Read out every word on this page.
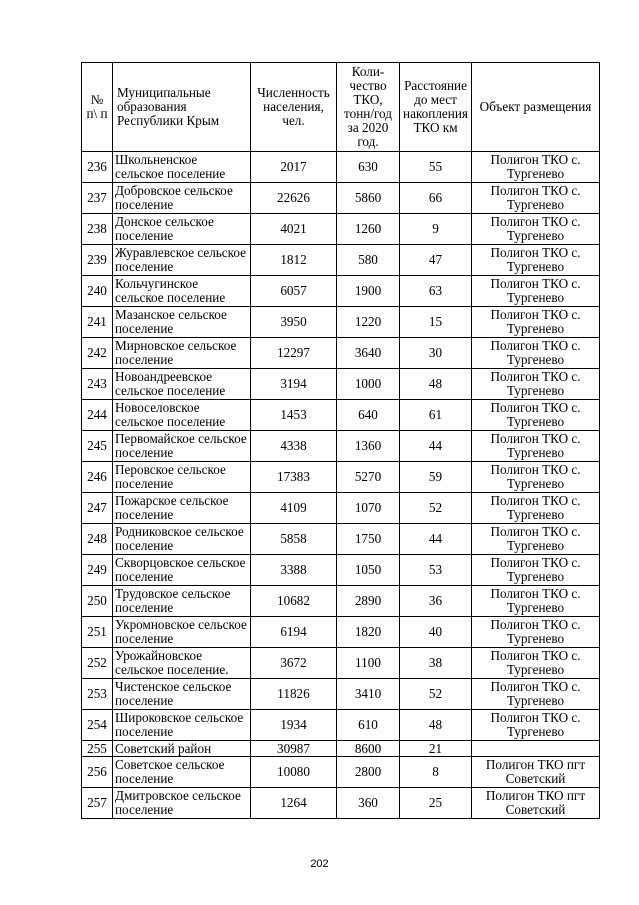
№ п\ п	Муниципальные образования Республики Крым	Численность населения, чел.	Коли-чество ТКО, тонн/год за 2020 год.	Расстояние до мест накопления ТКО км	Объект размещения
236	Школьненское сельское поселение	2017	630	55	Полигон ТКО с. Тургенево
237	Добровское сельское поселение	22626	5860	66	Полигон ТКО с. Тургенево
238	Донское сельское поселение	4021	1260	9	Полигон ТКО с. Тургенево
239	Журавлевское сельское поселение	1812	580	47	Полигон ТКО с. Тургенево
240	Кольчугинское сельское поселение	6057	1900	63	Полигон ТКО с. Тургенево
241	Мазанское сельское поселение	3950	1220	15	Полигон ТКО с. Тургенево
242	Мирновское сельское поселение	12297	3640	30	Полигон ТКО с. Тургенево
243	Новоандреевское сельское поселение	3194	1000	48	Полигон ТКО с. Тургенево
244	Новоселовское сельское поселение	1453	640	61	Полигон ТКО с. Тургенево
245	Первомайское сельское поселение	4338	1360	44	Полигон ТКО с. Тургенево
246	Перовское сельское поселение	17383	5270	59	Полигон ТКО с. Тургенево
247	Пожарское сельское поселение	4109	1070	52	Полигон ТКО с. Тургенево
248	Родниковское сельское поселение	5858	1750	44	Полигон ТКО с. Тургенево
249	Скворцовское сельское поселение	3388	1050	53	Полигон ТКО с. Тургенево
250	Трудовское сельское поселение	10682	2890	36	Полигон ТКО с. Тургенево
251	Укромновское сельское поселение	6194	1820	40	Полигон ТКО с. Тургенево
252	Урожайновское сельское поселение.	3672	1100	38	Полигон ТКО с. Тургенево
253	Чистенское сельское поселение	11826	3410	52	Полигон ТКО с. Тургенево
254	Широковское сельское поселение	1934	610	48	Полигон ТКО с. Тургенево
255	Советский район	30987	8600	21	
256	Советское сельское поселение	10080	2800	8	Полигон ТКО пгт Советский
257	Дмитровское сельское поселение	1264	360	25	Полигон ТКО пгт Советский
202
